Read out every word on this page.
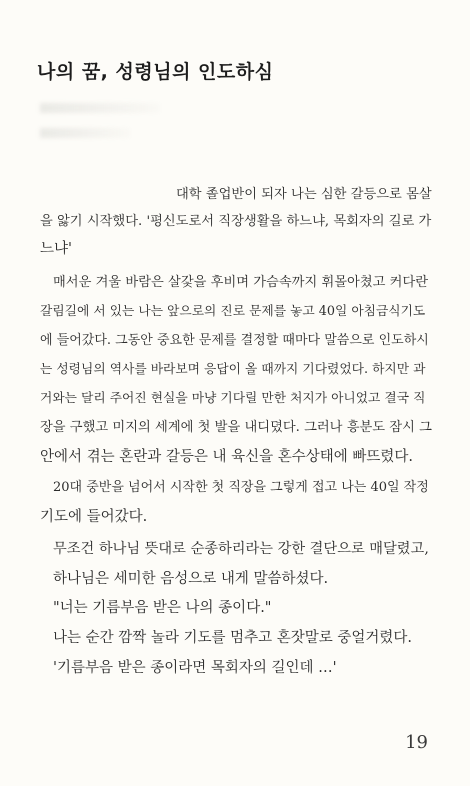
나의 꿈, 성령님의 인도하심
대학 졸업반이 되자 나는 심한 갈등으로 몸살
을 앓기 시작했다. '평신도로서 직장생활을 하느냐, 목회자의 길로 가
느냐'
매서운 겨울 바람은 살갗을 후비며 가슴속까지 휘몰아쳤고 커다란
갈림길에 서 있는 나는 앞으로의 진로 문제를 놓고 40일 아침금식기도
에 들어갔다. 그동안 중요한 문제를 결정할 때마다 말씀으로 인도하시
는 성령님의 역사를 바라보며 응답이 올 때까지 기다렸었다. 하지만 과
거와는 달리 주어진 현실을 마냥 기다릴 만한 처지가 아니었고 결국 직
장을 구했고 미지의 세계에 첫 발을 내디뎠다. 그러나 흥분도 잠시 그
안에서 겪는 혼란과 갈등은 내 육신을 혼수상태에 빠뜨렸다.
20대 중반을 넘어서 시작한 첫 직장을 그렇게 접고 나는 40일 작정
기도에 들어갔다.
무조건 하나님 뜻대로 순종하리라는 강한 결단으로 매달렸고,
하나님은 세미한 음성으로 내게 말씀하셨다.
"너는 기름부음 받은 나의 종이다."
나는 순간 깜짝 놀라 기도를 멈추고 혼잣말로 중얼거렸다.
'기름부음 받은 종이라면 목회자의 길인데 …'
19
